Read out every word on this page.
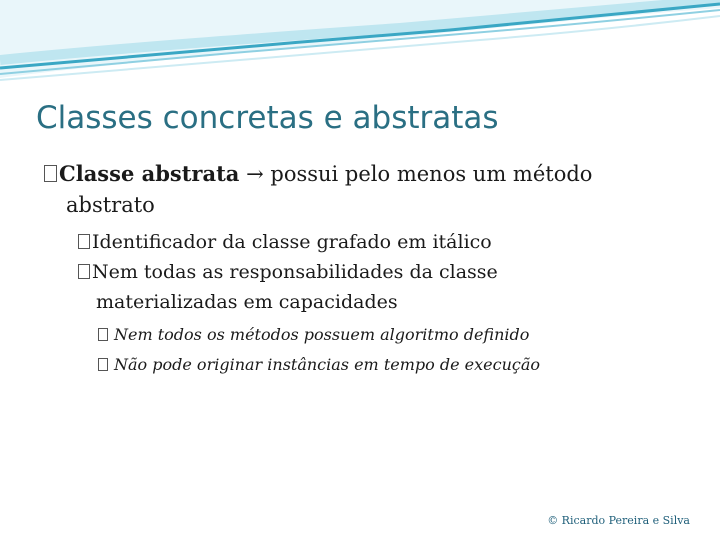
Classes concretas e abstratas
Classe abstrata → possui pelo menos um método
abstrato
Identificador da classe grafado em itálico
Nem todas as responsabilidades da classe
materializadas em capacidades
Nem todos os métodos possuem algoritmo definido
Não pode originar instâncias em tempo de execução
© Ricardo Pereira e Silva
